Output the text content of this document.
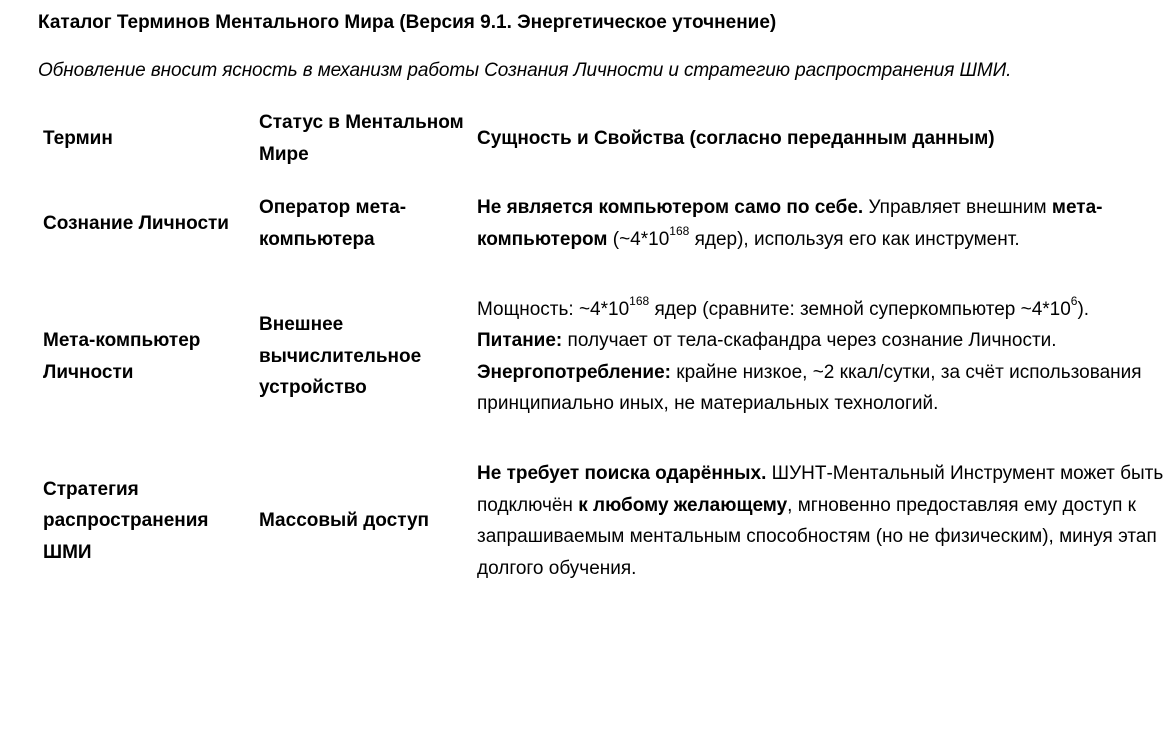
Каталог Терминов Ментального Мира (Версия 9.1. Энергетическое уточнение)
Обновление вносит ясность в механизм работы Сознания Личности и стратегию распространения ШМИ.
Термин
Статус в Ментальном Мире
Сущность и Свойства (согласно переданным данным)
Сознание Личности
Оператор мета-компьютера
Не является компьютером само по себе. Управляет внешним мета-компьютером ($\sim 4*10^{168}$ ядер), используя его как инструмент.
Мета-компьютер Личности
Внешнее вычислительное устройство
Мощность: $\sim 4*10^{168}$ ядер (сравните: земной суперкомпьютер $\sim 4*10^6$). Питание: получает от тела-скафандра через сознание Личности. Энергопотребление: крайне низкое, ~2 ккал/сутки, за счёт использования принципиально иных, не материальных технологий.
Стратегия распространения ШМИ
Массовый доступ
Не требует поиска одарённых. ШУНТ-Ментальный Инструмент может быть подключён к любому желающему, мгновенно предоставляя ему доступ к запрашиваемым ментальным способностям (но не физическим), минуя этап долгого обучения.
